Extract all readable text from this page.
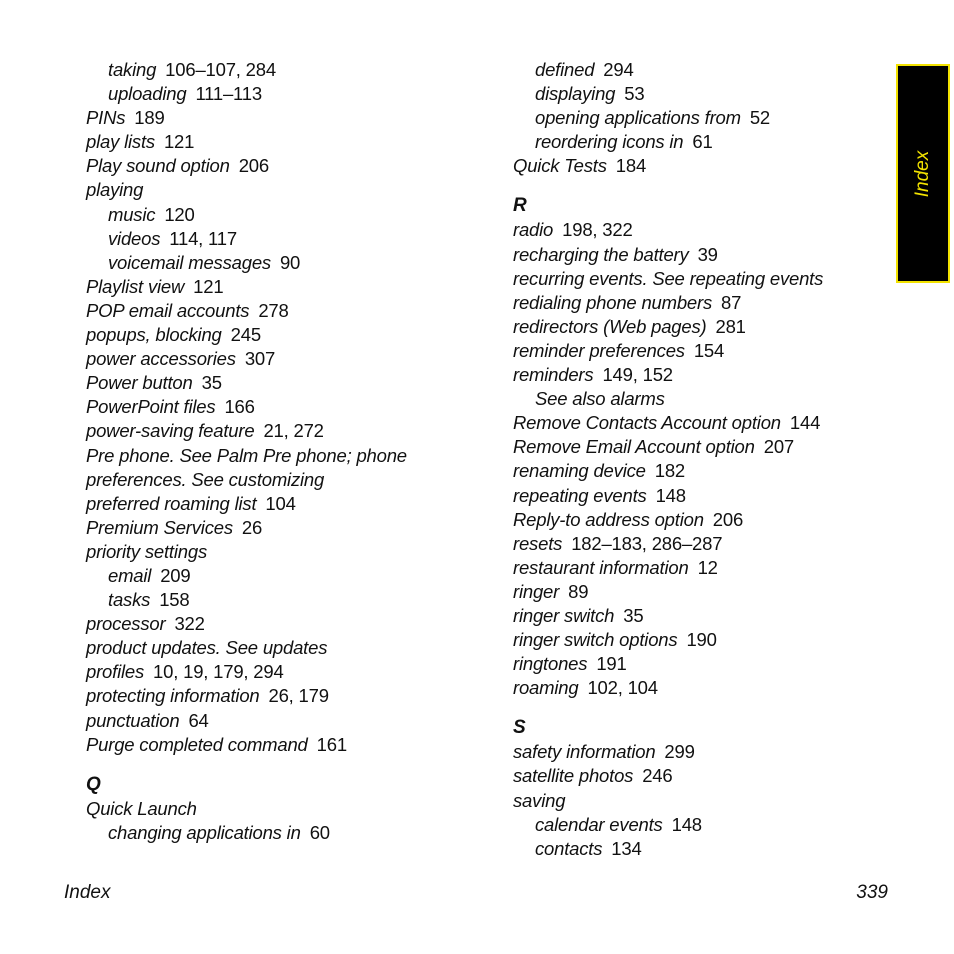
taking 106–107, 284
uploading 111–113
PINs 189
play lists 121
Play sound option 206
playing
music 120
videos 114, 117
voicemail messages 90
Playlist view 121
POP email accounts 278
popups, blocking 245
power accessories 307
Power button 35
PowerPoint files 166
power-saving feature 21, 272
Pre phone. See Palm Pre phone; phone
preferences. See customizing
preferred roaming list 104
Premium Services 26
priority settings
email 209
tasks 158
processor 322
product updates. See updates
profiles 10, 19, 179, 294
protecting information 26, 179
punctuation 64
Purge completed command 161
Q
Quick Launch
changing applications in 60
defined 294
displaying 53
opening applications from 52
reordering icons in 61
Quick Tests 184
R
radio 198, 322
recharging the battery 39
recurring events. See repeating events
redialing phone numbers 87
redirectors (Web pages) 281
reminder preferences 154
reminders 149, 152
See also alarms
Remove Contacts Account option 144
Remove Email Account option 207
renaming device 182
repeating events 148
Reply-to address option 206
resets 182–183, 286–287
restaurant information 12
ringer 89
ringer switch 35
ringer switch options 190
ringtones 191
roaming 102, 104
S
safety information 299
satellite photos 246
saving
calendar events 148
contacts 134
Index
Index	339
